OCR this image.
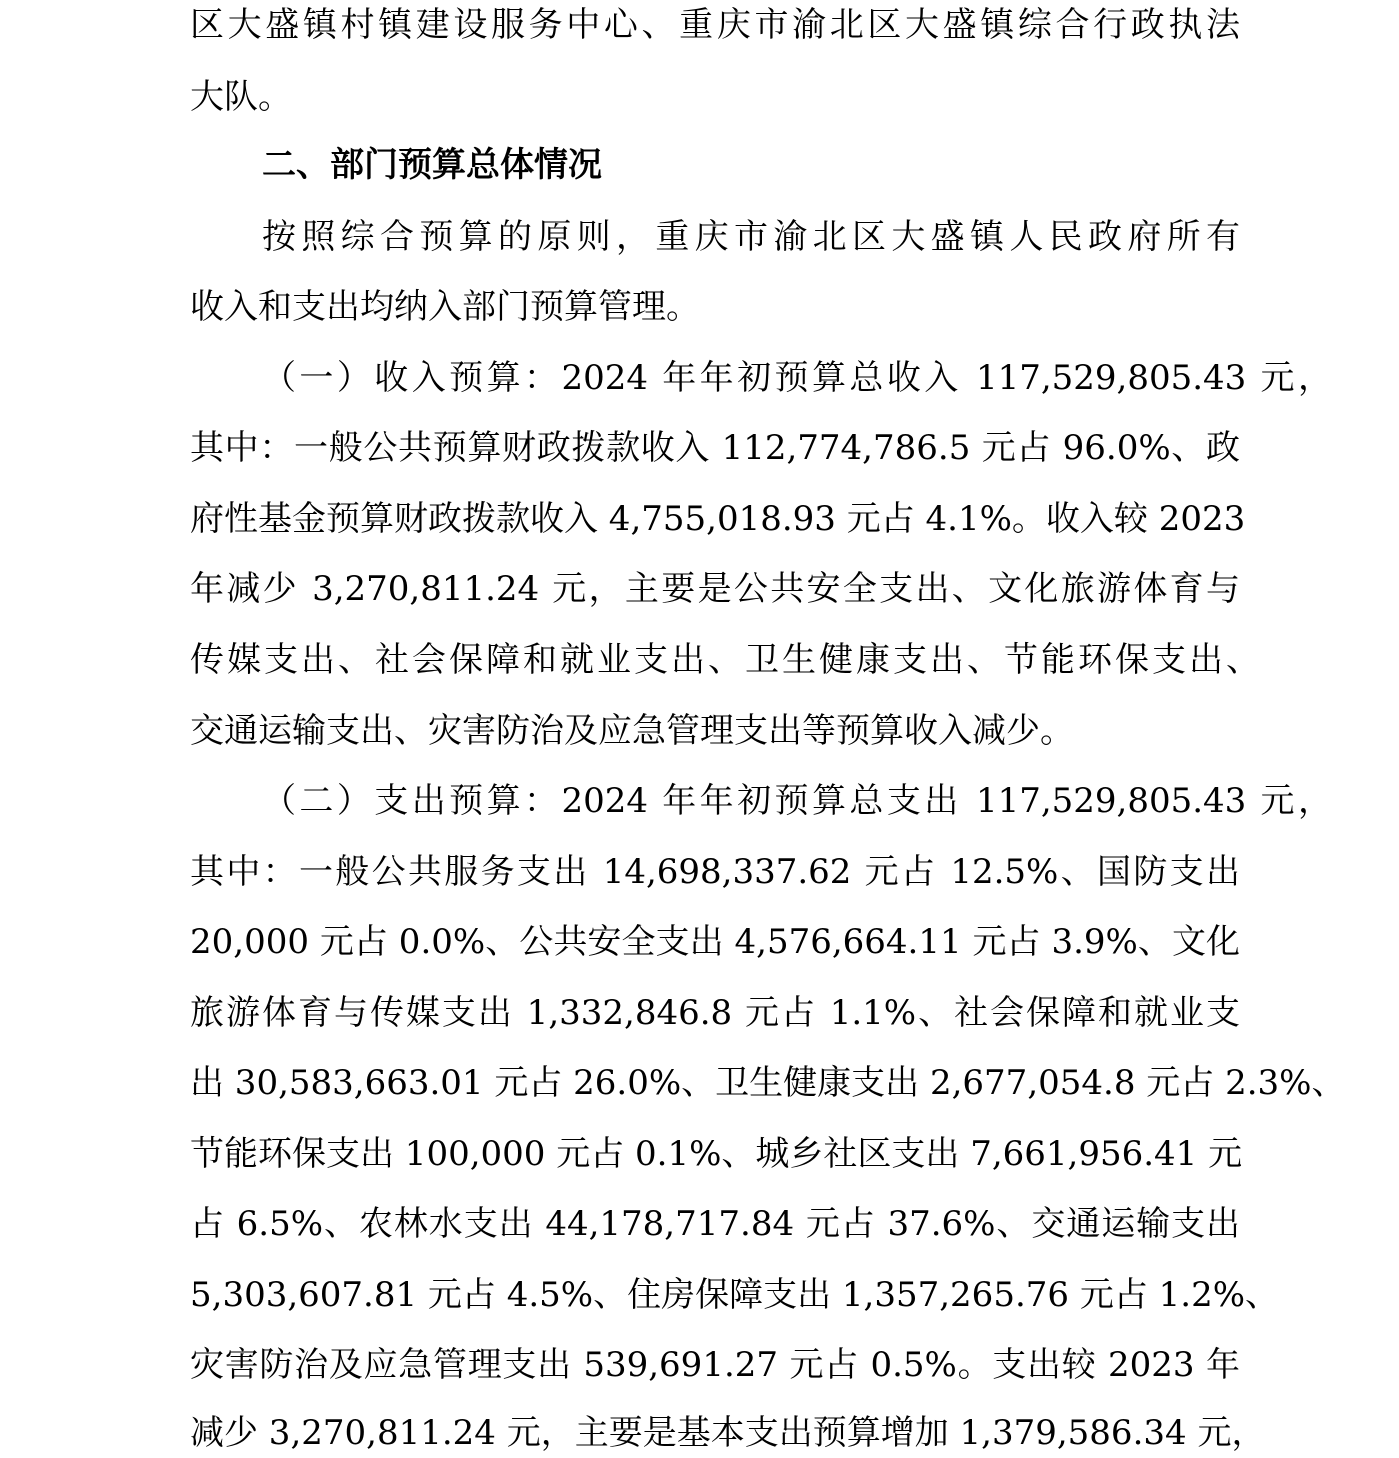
区大盛镇村镇建设服务中心、重庆市渝北区大盛镇综合行政执法
大队。
二、部门预算总体情况
按照综合预算的原则，重庆市渝北区大盛镇人民政府所有
收入和支出均纳入部门预算管理。
（一）收入预算：2024 年年初预算总收入 117,529,805.43 元，
其中：一般公共预算财政拨款收入 112,774,786.5 元占 96.0%、政
府性基金预算财政拨款收入 4,755,018.93 元占 4.1%。收入较 2023
年减少 3,270,811.24 元，主要是公共安全支出、文化旅游体育与
传媒支出、社会保障和就业支出、卫生健康支出、节能环保支出、
交通运输支出、灾害防治及应急管理支出等预算收入减少。
（二）支出预算：2024 年年初预算总支出 117,529,805.43 元，
其中：一般公共服务支出 14,698,337.62 元占 12.5%、国防支出
20,000 元占 0.0%、公共安全支出 4,576,664.11 元占 3.9%、文化
旅游体育与传媒支出 1,332,846.8 元占 1.1%、社会保障和就业支
出 30,583,663.01 元占 26.0%、卫生健康支出 2,677,054.8 元占 2.3%、
节能环保支出 100,000 元占 0.1%、城乡社区支出 7,661,956.41 元
占 6.5%、农林水支出 44,178,717.84 元占 37.6%、交通运输支出
5,303,607.81 元占 4.5%、住房保障支出 1,357,265.76 元占 1.2%、
灾害防治及应急管理支出 539,691.27 元占 0.5%。支出较 2023 年
减少 3,270,811.24 元，主要是基本支出预算增加 1,379,586.34 元，
